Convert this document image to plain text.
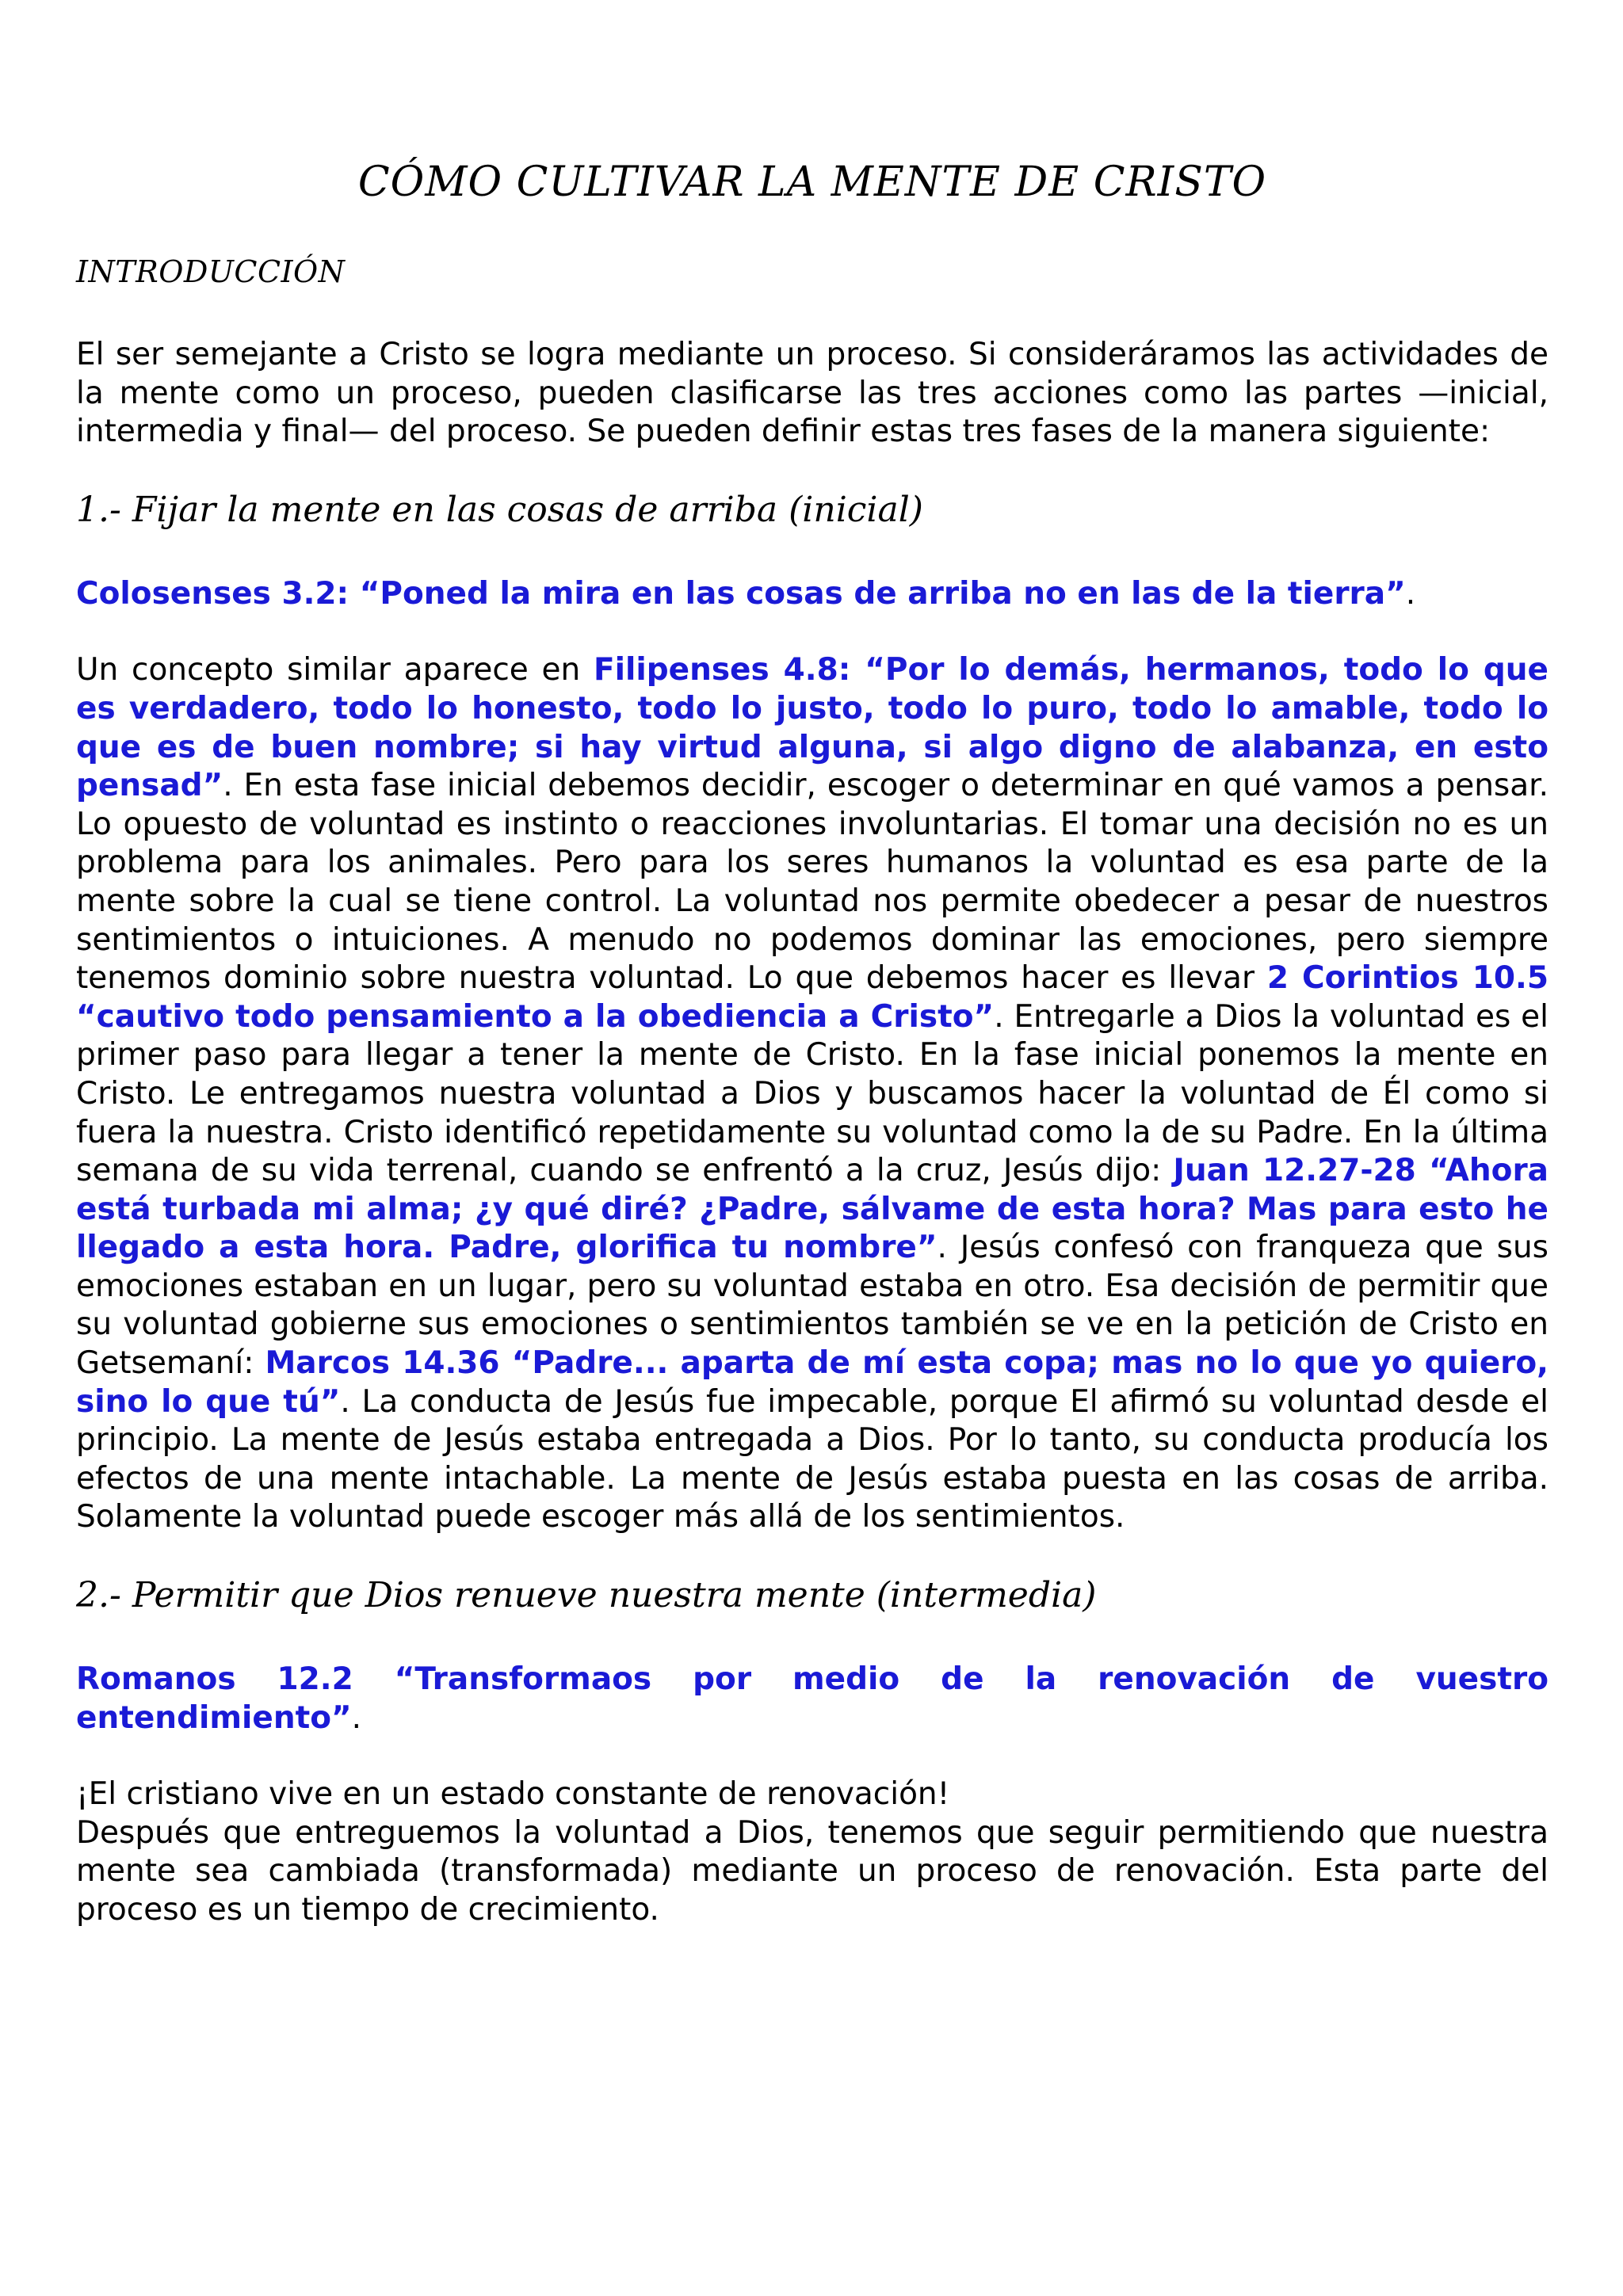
CÓMO CULTIVAR LA MENTE DE CRISTO
INTRODUCCIÓN

El ser semejante a Cristo se logra mediante un proceso. Si consideráramos las actividades de la mente como un proceso, pueden clasificarse las tres acciones como las partes —inicial, intermedia y final— del proceso. Se pueden definir estas tres fases de la manera siguiente:

1.- Fijar la mente en las cosas de arriba (inicial)

Colosenses 3.2: “Poned la mira en las cosas de arriba no en las de la tierra”.

Un concepto similar aparece en Filipenses 4.8: “Por lo demás, hermanos, todo lo que es verdadero, todo lo honesto, todo lo justo, todo lo puro, todo lo amable, todo lo que es de buen nombre; si hay virtud alguna, si algo digno de alabanza, en esto pensad”. En esta fase inicial debemos decidir, escoger o determinar en qué vamos a pensar. Lo opuesto de voluntad es instinto o reacciones involuntarias. El tomar una decisión no es un problema para los animales. Pero para los seres humanos la voluntad es esa parte de la mente sobre la cual se tiene control. La voluntad nos permite obedecer a pesar de nuestros sentimientos o intuiciones. A menudo no podemos dominar las emociones, pero siempre tenemos dominio sobre nuestra voluntad. Lo que debemos hacer es llevar 2 Corintios 10.5 “cautivo todo pensamiento a la obediencia a Cristo”. Entregarle a Dios la voluntad es el primer paso para llegar a tener la mente de Cristo. En la fase inicial ponemos la mente en Cristo. Le entregamos nuestra voluntad a Dios y buscamos hacer la voluntad de Él como si fuera la nuestra. Cristo identificó repetidamente su voluntad como la de su Padre. En la última semana de su vida terrenal, cuando se enfrentó a la cruz, Jesús dijo: Juan 12.27-28 “Ahora está turbada mi alma; ¿y qué diré? ¿Padre, sálvame de esta hora? Mas para esto he llegado a esta hora. Padre, glorifica tu nombre”. Jesús confesó con franqueza que sus emociones estaban en un lugar, pero su voluntad estaba en otro. Esa decisión de permitir que su voluntad gobierne sus emociones o sentimientos también se ve en la petición de Cristo en Getsemaní: Marcos 14.36 “Padre... aparta de mí esta copa; mas no lo que yo quiero, sino lo que tú”. La conducta de Jesús fue impecable, porque El afirmó su voluntad desde el principio. La mente de Jesús estaba entregada a Dios. Por lo tanto, su conducta producía los efectos de una mente intachable. La mente de Jesús estaba puesta en las cosas de arriba. Solamente la voluntad puede escoger más allá de los sentimientos.

2.- Permitir que Dios renueve nuestra mente (intermedia)

Romanos 12.2 “Transformaos por medio de la renovación de vuestro entendimiento”.

¡El cristiano vive en un estado constante de renovación!

Después que entreguemos la voluntad a Dios, tenemos que seguir permitiendo que nuestra mente sea cambiada (transformada) mediante un proceso de renovación. Esta parte del proceso es un tiempo de crecimiento.
